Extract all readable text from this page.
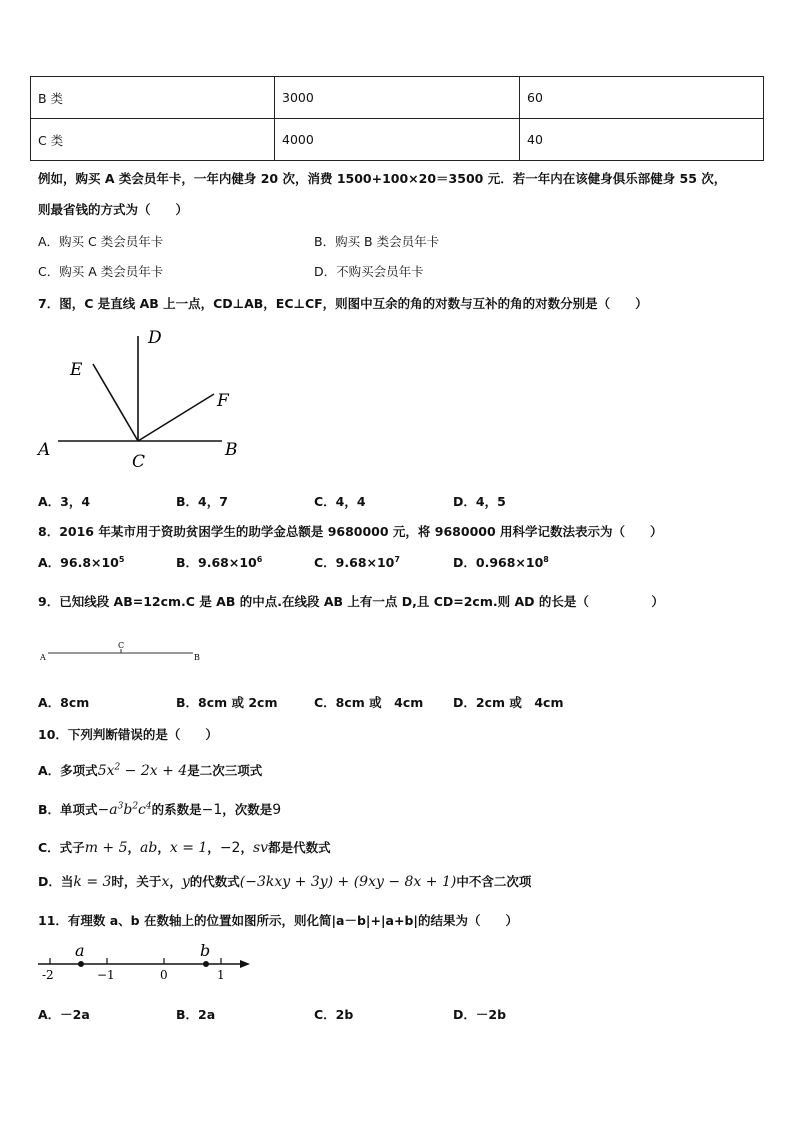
B 类	3000	60
C 类	4000	40
例如，购买 A 类会员年卡，一年内健身 20 次，消费 1500+100×20＝3500 元．若一年内在该健身俱乐部健身 55 次，
则最省钱的方式为（　　）
A．购买 C 类会员年卡	B．购买 B 类会员年卡
C．购买 A 类会员年卡	D．不购买会员年卡
7．图，C 是直线 AB 上一点，CD⊥AB，EC⊥CF，则图中互余的角的对数与互补的角的对数分别是（　　）
D
E
F
A	B
C
A．3，4	B．4，7	C．4，4	D．4，5
8．2016 年某市用于资助贫困学生的助学金总额是 9680000 元，将 9680000 用科学记数法表示为（　　）
A．$96.8\times 10^5$	B．$9.68\times 10^6$	C．$9.68\times 10^7$	D．$0.968\times 10^8$
9．已知线段 AB=12cm.C 是 AB 的中点.在线段 AB 上有一点 D,且 CD=2cm.则 AD 的长是（　　　　　）
A
C
B
A．8cm	B．8cm 或 2cm	C．8cm 或　4cm D．2cm 或　4cm
10．下列判断错误的是（　　）
A．多项式$5x^2 - 2x + 4$是二次三项式
B．单项式$-a^3b^2c^4$的系数是−1，次数是9
C．式子m + 5，ab，x = 1，−2，sv都是代数式
D．当k = 3时，关于x，y的代数式(−3kxy + 3y) + (9xy − 8x + 1)中不含二次项
11．有理数 a、b 在数轴上的位置如图所示，则化简|a－b|+|a+b|的结果为（　　）
a	b
-2	−1	0	1
A．－2a	B．2a	C．2b	D．－2b
